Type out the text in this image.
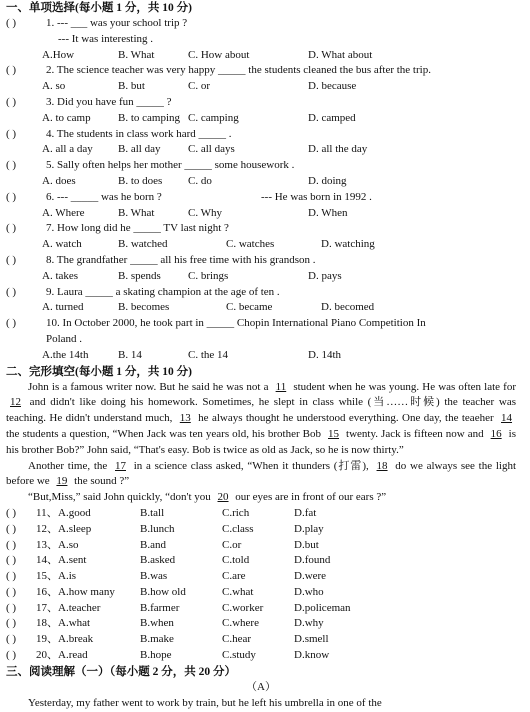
一、单项选择(每小题 1 分，共 10 分)
( )	1. --- ___ was your school trip ?
--- It was interesting .
A.How	B. What	C. How about	D. What about
( )	2. The science teacher was very happy _____ the students cleaned the bus after the trip.
A. so	B. but	C. or	D. because
( )	3. Did you have fun _____ ?
A. to camp	B. to camping C. camping	D. camped
( )	4. The students in class work hard _____ .
A. all a day	B. all day	C. all days	D. all the day
( )	5. Sally often helps her mother _____ some housework .
A. does	B. to does	C. do	D. doing
( )	6. --- _____ was he born ?	--- He was born in 1992 .
A. Where	B. What	C. Why	D. When
( )	7. How long did he _____ TV last night ?
A. watch	B. watched	C. watches	D. watching
( )	8. The grandfather _____ all his free time with his grandson .
A. takes	B. spends	C. brings	D. pays
( )	9. Laura _____ a skating champion at the age of ten .
A. turned	B. becomes	C. became	D. becomed
( )	10. In October 2000, he took part in _____ Chopin International Piano Competition In
Poland .
A.the 14th	B. 14	C. the 14	D. 14th
二、完形填空(每小题 1 分，共 10 分)

John is a famous writer now. But he said he was not a 11 student when he was young. He was often late for 12 and didn't like doing his homework. Sometimes, he slept in class while (当……时候) the teacher was teaching. He didn't understand much, 13 he always thought he understood everything. One day, the teaeher 14 the students a question, “When Jack was ten years old, his brother Bob 15 twenty. Jack is fifteen now and 16 is his brother Bob?” John said, “That's easy. Bob is twice as old as Jack, so he is now thirty.”

Another time, the 17 in a science class asked, “When it thunders (打雷), 18 do we always see the light before we 19 the sound ?”

“But,Miss,” said John quickly, “don't you 20 our eyes are in front of our ears ?”

( )	11、 A.good	B.tall	C.rich	D.fat
( )	12、 A.sleep	B.lunch	C.class	D.play
( )	13、 A.so	B.and	C.or	D.but
( )	14、 A.sent	B.asked	C.told	D.found
( )	15、 A.is	B.was	C.are	D.were
( )	16、 A.how many	B.how old	C.what	D.who
( )	17、 A.teacher	B.farmer	C.worker	D.policeman
( )	18、 A.what	B.when	C.where	D.why
( )	19、 A.break	B.make	C.hear	D.smell
( )	20、 A.read	B.hope	C.study	D.know
三、阅读理解（一）（每小题 2 分，共 20 分）
（A）

Yesterday, my father went to work by train, but he left his umbrella in one of the
